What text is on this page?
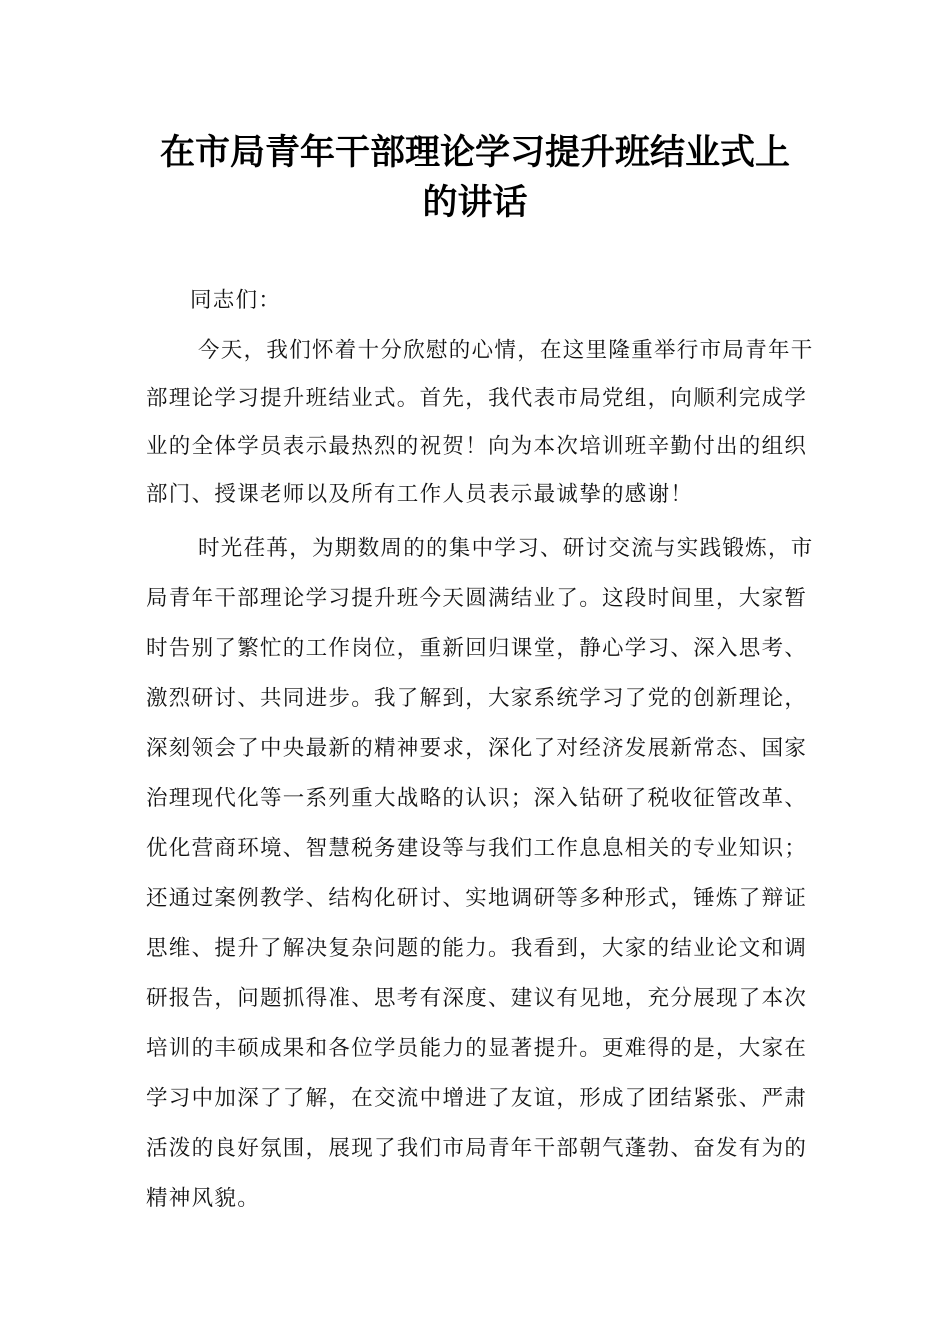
在市局青年干部理论学习提升班结业式上
的讲话
同志们：
今天，我们怀着十分欣慰的心情，在这里隆重举行市局青年干
部理论学习提升班结业式。首先，我代表市局党组，向顺利完成学
业的全体学员表示最热烈的祝贺！向为本次培训班辛勤付出的组织
部门、授课老师以及所有工作人员表示最诚挚的感谢！
时光荏苒，为期数周的的集中学习、研讨交流与实践锻炼，市
局青年干部理论学习提升班今天圆满结业了。这段时间里，大家暂
时告别了繁忙的工作岗位，重新回归课堂，静心学习、深入思考、
激烈研讨、共同进步。我了解到，大家系统学习了党的创新理论，
深刻领会了中央最新的精神要求，深化了对经济发展新常态、国家
治理现代化等一系列重大战略的认识；深入钻研了税收征管改革、
优化营商环境、智慧税务建设等与我们工作息息相关的专业知识；
还通过案例教学、结构化研讨、实地调研等多种形式，锤炼了辩证
思维、提升了解决复杂问题的能力。我看到，大家的结业论文和调
研报告，问题抓得准、思考有深度、建议有见地，充分展现了本次
培训的丰硕成果和各位学员能力的显著提升。更难得的是，大家在
学习中加深了了解，在交流中增进了友谊，形成了团结紧张、严肃
活泼的良好氛围，展现了我们市局青年干部朝气蓬勃、奋发有为的
精神风貌。
